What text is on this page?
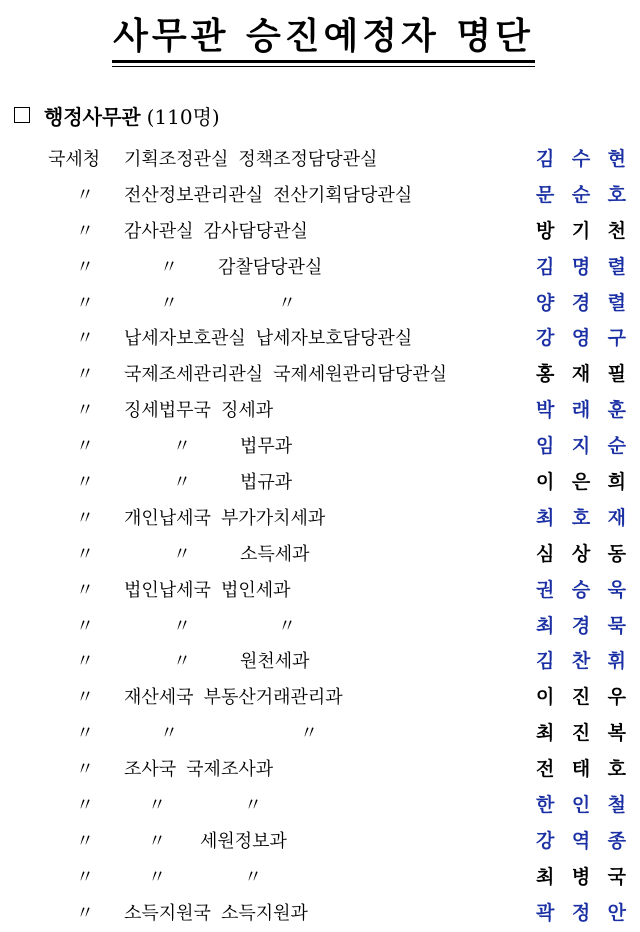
사무관 승진예정자 명단
행정사무관 (110명)
국세청 기획조정관실 정책조정담당관실	김 수 현
〃 전산정보관리관실 전산기획담당관실	문 순 호
〃 감사관실 감사담당관실	방 기 천
〃	〃 감찰담당관실	김 명 렬
〃	〃	〃	양 경 렬
〃 납세자보호관실 납세자보호담당관실	강 영 구
〃 국제조세관리관실 국제세원관리담당관실	홍 재 필
〃 징세법무국 징세과	박 래 훈
〃	〃	법무과	임 지 순
〃	〃	법규과	이 은 희
〃 개인납세국 부가가치세과	최 호 재
〃	〃	소득세과	심 상 동
〃 법인납세국 법인세과	권 승 욱
〃	〃	〃	최 경 묵
〃	〃	원천세과	김 찬 휘
〃 재산세국 부동산거래관리과	이 진 우
〃	〃	〃	최 진 복
〃 조사국 국제조사과	전 태 호
〃	〃	〃	한 인 철
〃	〃 세원정보과	강 역 종
〃	〃	〃	최 병 국
〃 소득지원국 소득지원과	곽 정 안
